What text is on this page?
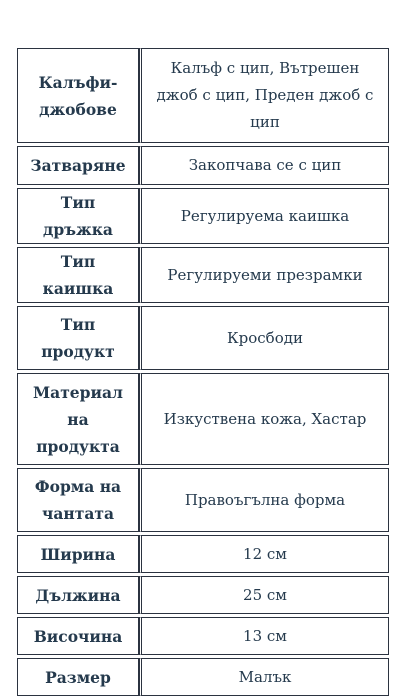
Калъфи-джобове	Калъф с цип, Вътрешен джоб с цип, Преден джоб с цип
Затваряне	Закопчава се с цип
Тип дръжка	Регулируема каишка
Тип каишка	Регулируеми презрамки
Тип продукт	Кросбоди
Материал на продукта	Изкуствена кожа, Хастар
Форма на чантата	Правоъгълна форма
Ширина	12 см
Дължина	25 см
Височина	13 см
Размер	Малък
